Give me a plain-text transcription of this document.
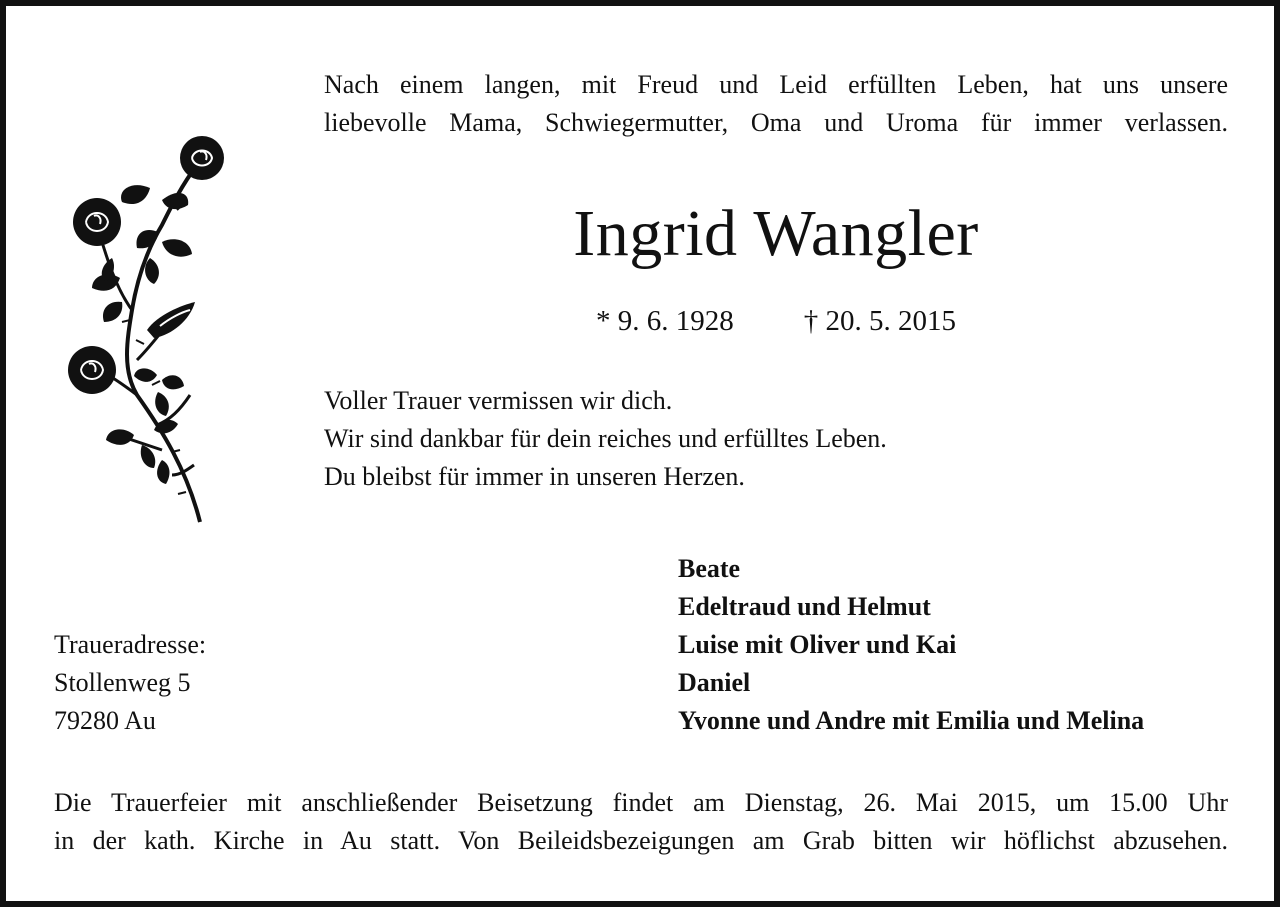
Nach einem langen, mit Freud und Leid erfüllten Leben, hat uns unsere
liebevolle Mama, Schwiegermutter, Oma und Uroma für immer verlassen.
Ingrid Wangler
* 9. 6. 1928 † 20. 5. 2015
Voller Trauer vermissen wir dich.
Wir sind dankbar für dein reiches und erfülltes Leben.
Du bleibst für immer in unseren Herzen.
Beate
Edeltraud und Helmut
Luise mit Oliver und Kai
Daniel
Yvonne und Andre mit Emilia und Melina
Traueradresse:
Stollenweg 5
79280 Au
Die Trauerfeier mit anschließender Beisetzung findet am Dienstag, 26. Mai 2015, um 15.00 Uhr
in der kath. Kirche in Au statt. Von Beileidsbezeigungen am Grab bitten wir höflichst abzusehen.
